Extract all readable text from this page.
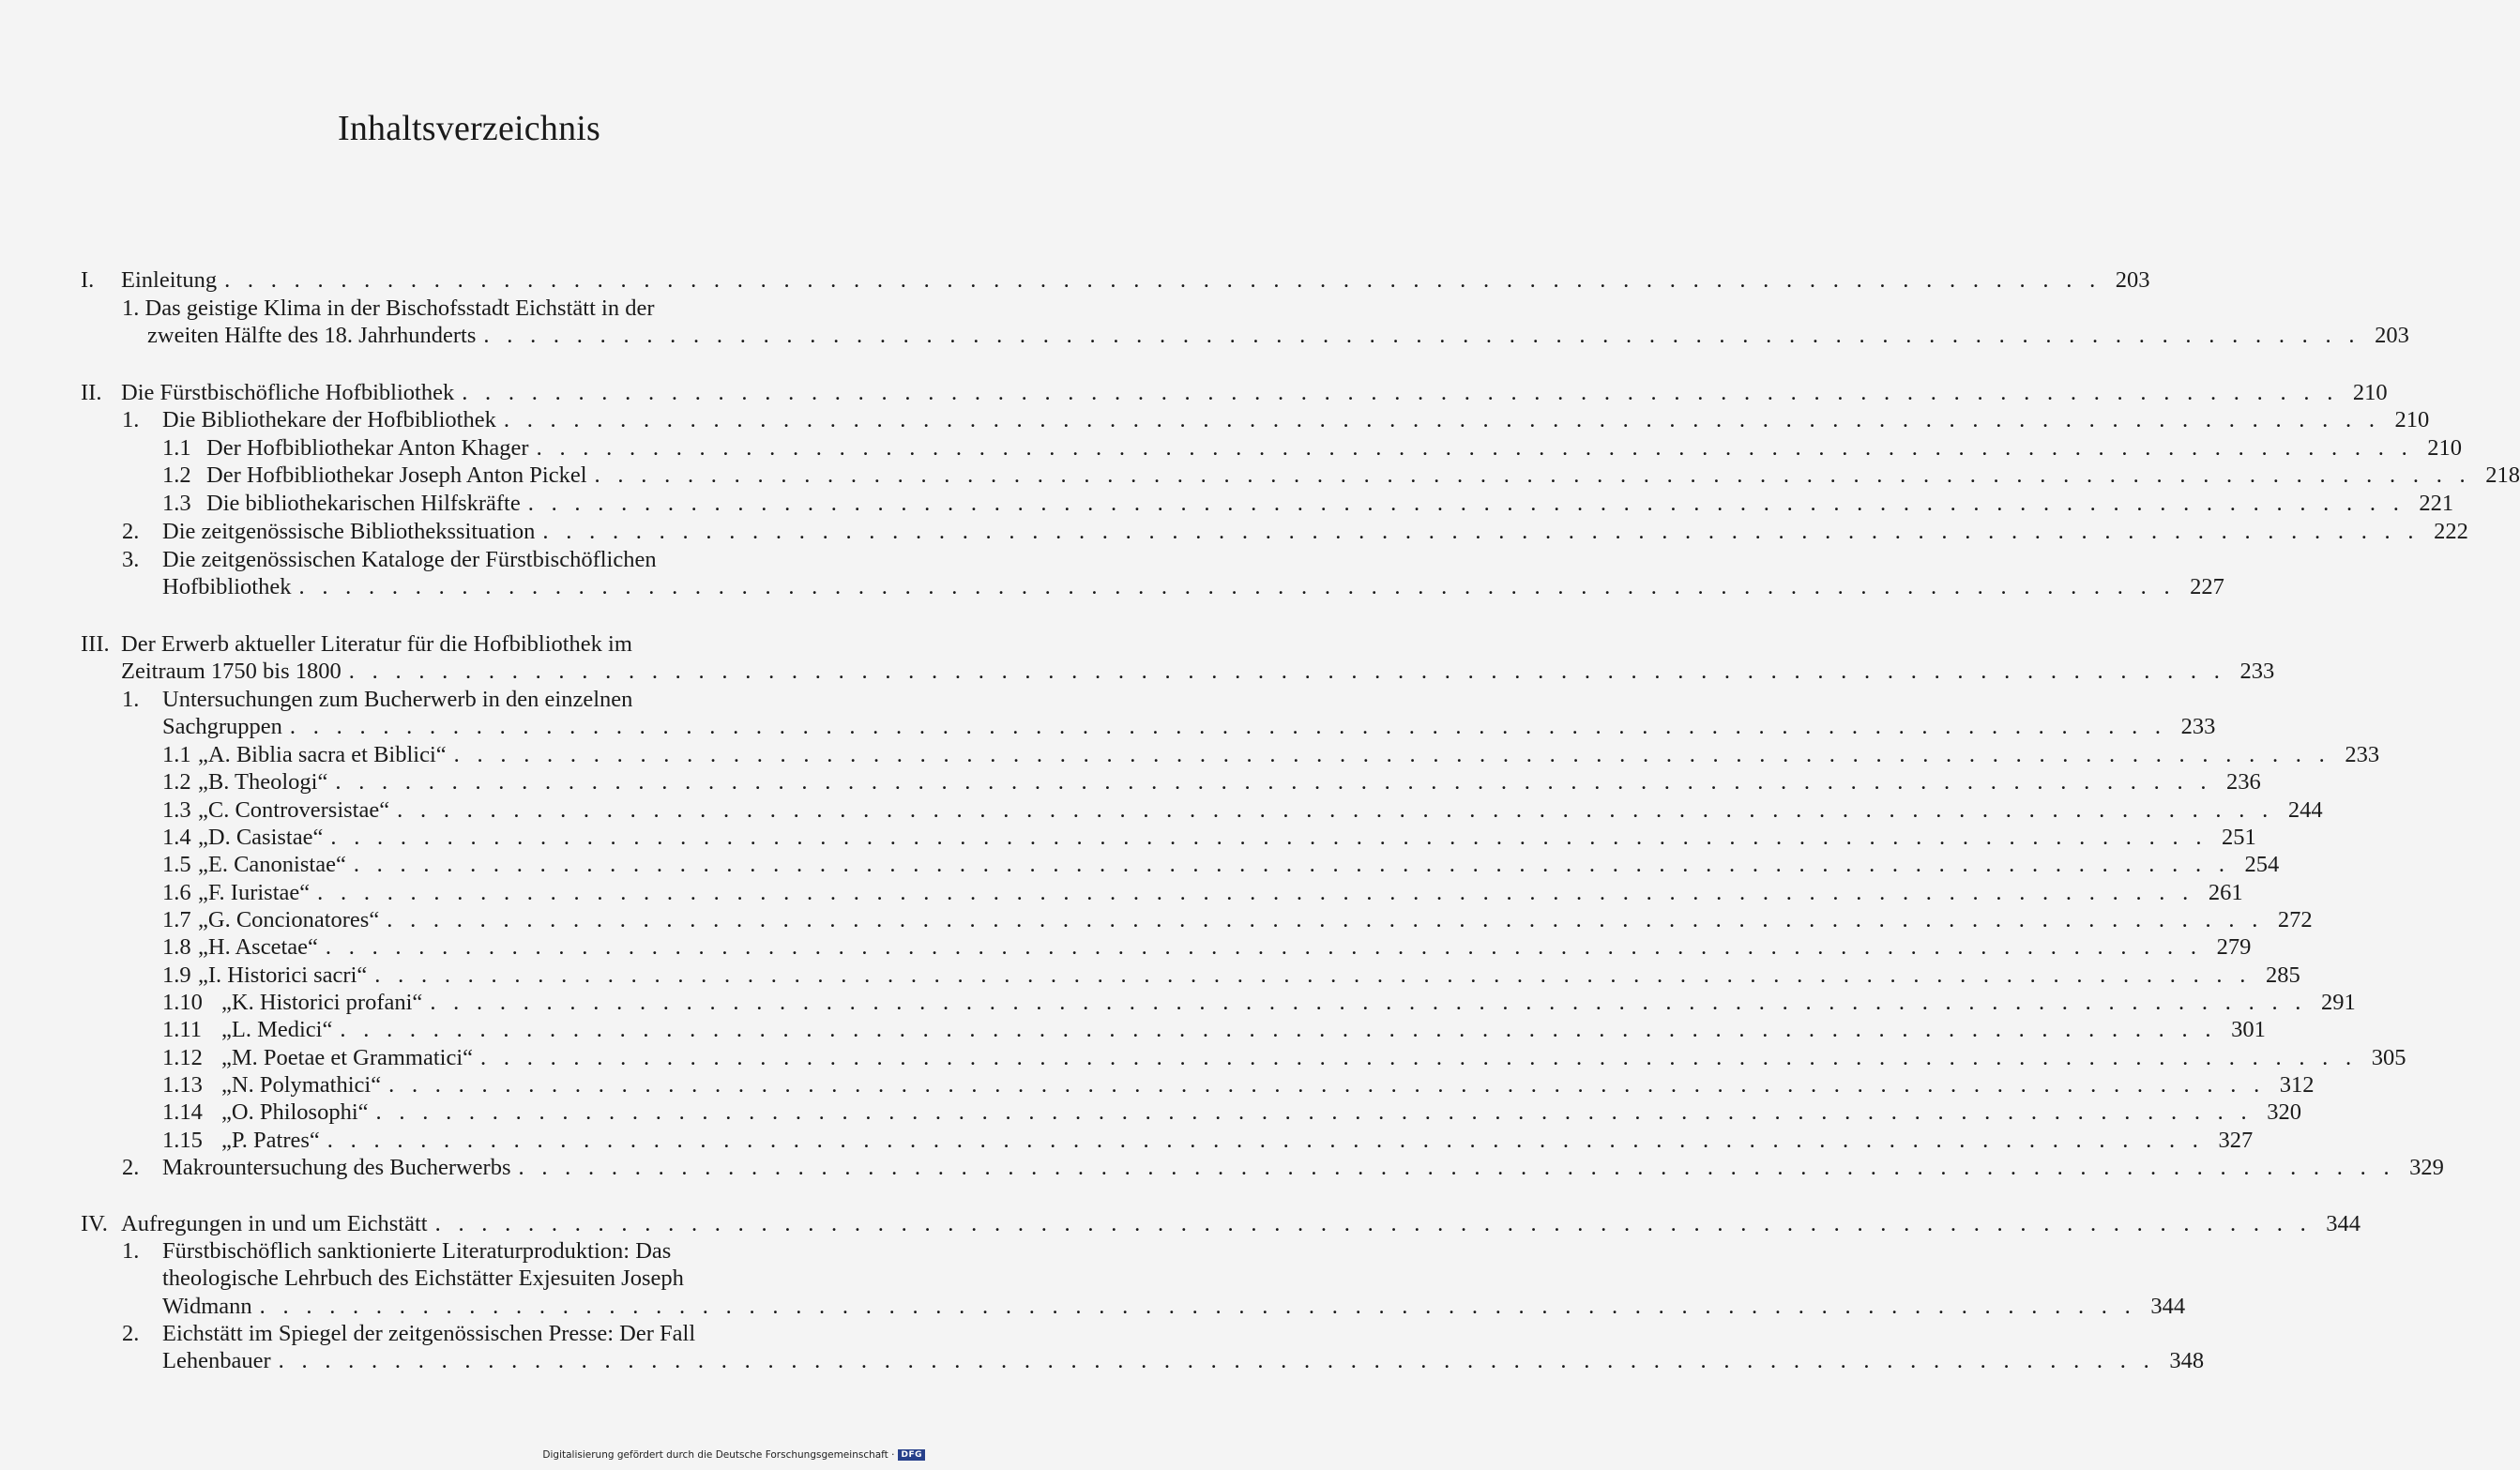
Inhaltsverzeichnis
I. Einleitung . . . . . . . . . . . . . . . . . . . . . . . . . . . . . . . . . . . . . . . . . . . . . . . . . . . . . . . . . . . . . . . . . . . . . . . . . . . . . . . . . 203
1. Das geistige Klima in der Bischofsstadt Eichstätt in der
zweiten Hälfte des 18. Jahrhunderts . . . . . . . . . . . . . . . . . . . . . . . . . . . . . . . . . . . . . . . . . . . . . . . . . . . . . . . . . . . . . . . . . . . . . . . . . . . . . . . . . 203
II. Die Fürstbischöfliche Hofbibliothek . . . . . . . . . . . . . . . . . . . . . . . . . . . . . . . . . . . . . . . . . . . . . . . . . . . . . . . . . . . . . . . . . . . . . . . . . . . . . . . . . 210
1. Die Bibliothekare der Hofbibliothek . . . . . . . . . . . . . . . . . . . . . . . . . . . . . . . . . . . . . . . . . . . . . . . . . . . . . . . . . . . . . . . . . . . . . . . . . . . . . . . . . 210
1.1 Der Hofbibliothekar Anton Khager . . . . . . . . . . . . . . . . . . . . . . . . . . . . . . . . . . . . . . . . . . . . . . . . . . . . . . . . . . . . . . . . . . . . . . . . . . . . . . . . . 210
1.2 Der Hofbibliothekar Joseph Anton Pickel . . . . . . . . . . . . . . . . . . . . . . . . . . . . . . . . . . . . . . . . . . . . . . . . . . . . . . . . . . . . . . . . . . . . . . . . . . . . . . . . . 218
1.3 Die bibliothekarischen Hilfskräfte . . . . . . . . . . . . . . . . . . . . . . . . . . . . . . . . . . . . . . . . . . . . . . . . . . . . . . . . . . . . . . . . . . . . . . . . . . . . . . . . . 221
2. Die zeitgenössische Bibliothekssituation . . . . . . . . . . . . . . . . . . . . . . . . . . . . . . . . . . . . . . . . . . . . . . . . . . . . . . . . . . . . . . . . . . . . . . . . . . . . . . . . . 222
3. Die zeitgenössischen Kataloge der Fürstbischöflichen
Hofbibliothek . . . . . . . . . . . . . . . . . . . . . . . . . . . . . . . . . . . . . . . . . . . . . . . . . . . . . . . . . . . . . . . . . . . . . . . . . . . . . . . . . 227
III. Der Erwerb aktueller Literatur für die Hofbibliothek im
Zeitraum 1750 bis 1800 . . . . . . . . . . . . . . . . . . . . . . . . . . . . . . . . . . . . . . . . . . . . . . . . . . . . . . . . . . . . . . . . . . . . . . . . . . . . . . . . . 233
1. Untersuchungen zum Bucherwerb in den einzelnen
Sachgruppen . . . . . . . . . . . . . . . . . . . . . . . . . . . . . . . . . . . . . . . . . . . . . . . . . . . . . . . . . . . . . . . . . . . . . . . . . . . . . . . . . 233
1.1 „A. Biblia sacra et Biblici“ . . . . . . . . . . . . . . . . . . . . . . . . . . . . . . . . . . . . . . . . . . . . . . . . . . . . . . . . . . . . . . . . . . . . . . . . . . . . . . . . . 233
1.2 „B. Theologi“ . . . . . . . . . . . . . . . . . . . . . . . . . . . . . . . . . . . . . . . . . . . . . . . . . . . . . . . . . . . . . . . . . . . . . . . . . . . . . . . . . 236
1.3 „C. Controversistae“ . . . . . . . . . . . . . . . . . . . . . . . . . . . . . . . . . . . . . . . . . . . . . . . . . . . . . . . . . . . . . . . . . . . . . . . . . . . . . . . . . 244
1.4 „D. Casistae“ . . . . . . . . . . . . . . . . . . . . . . . . . . . . . . . . . . . . . . . . . . . . . . . . . . . . . . . . . . . . . . . . . . . . . . . . . . . . . . . . . 251
1.5 „E. Canonistae“ . . . . . . . . . . . . . . . . . . . . . . . . . . . . . . . . . . . . . . . . . . . . . . . . . . . . . . . . . . . . . . . . . . . . . . . . . . . . . . . . . 254
1.6 „F. Iuristae“ . . . . . . . . . . . . . . . . . . . . . . . . . . . . . . . . . . . . . . . . . . . . . . . . . . . . . . . . . . . . . . . . . . . . . . . . . . . . . . . . . 261
1.7 „G. Concionatores“ . . . . . . . . . . . . . . . . . . . . . . . . . . . . . . . . . . . . . . . . . . . . . . . . . . . . . . . . . . . . . . . . . . . . . . . . . . . . . . . . . 272
1.8 „H. Ascetae“ . . . . . . . . . . . . . . . . . . . . . . . . . . . . . . . . . . . . . . . . . . . . . . . . . . . . . . . . . . . . . . . . . . . . . . . . . . . . . . . . . 279
1.9 „I. Historici sacri“ . . . . . . . . . . . . . . . . . . . . . . . . . . . . . . . . . . . . . . . . . . . . . . . . . . . . . . . . . . . . . . . . . . . . . . . . . . . . . . . . . 285
1.10 „K. Historici profani“ . . . . . . . . . . . . . . . . . . . . . . . . . . . . . . . . . . . . . . . . . . . . . . . . . . . . . . . . . . . . . . . . . . . . . . . . . . . . . . . . . 291
1.11 „L. Medici“ . . . . . . . . . . . . . . . . . . . . . . . . . . . . . . . . . . . . . . . . . . . . . . . . . . . . . . . . . . . . . . . . . . . . . . . . . . . . . . . . . 301
1.12 „M. Poetae et Grammatici“ . . . . . . . . . . . . . . . . . . . . . . . . . . . . . . . . . . . . . . . . . . . . . . . . . . . . . . . . . . . . . . . . . . . . . . . . . . . . . . . . . 305
1.13 „N. Polymathici“ . . . . . . . . . . . . . . . . . . . . . . . . . . . . . . . . . . . . . . . . . . . . . . . . . . . . . . . . . . . . . . . . . . . . . . . . . . . . . . . . . 312
1.14 „O. Philosophi“ . . . . . . . . . . . . . . . . . . . . . . . . . . . . . . . . . . . . . . . . . . . . . . . . . . . . . . . . . . . . . . . . . . . . . . . . . . . . . . . . . 320
1.15 „P. Patres“ . . . . . . . . . . . . . . . . . . . . . . . . . . . . . . . . . . . . . . . . . . . . . . . . . . . . . . . . . . . . . . . . . . . . . . . . . . . . . . . . . 327
2. Makrountersuchung des Bucherwerbs . . . . . . . . . . . . . . . . . . . . . . . . . . . . . . . . . . . . . . . . . . . . . . . . . . . . . . . . . . . . . . . . . . . . . . . . . . . . . . . . . 329
IV. Aufregungen in und um Eichstätt . . . . . . . . . . . . . . . . . . . . . . . . . . . . . . . . . . . . . . . . . . . . . . . . . . . . . . . . . . . . . . . . . . . . . . . . . . . . . . . . . 344
1. Fürstbischöflich sanktionierte Literaturproduktion: Das
theologische Lehrbuch des Eichstätter Exjesuiten Joseph
Widmann . . . . . . . . . . . . . . . . . . . . . . . . . . . . . . . . . . . . . . . . . . . . . . . . . . . . . . . . . . . . . . . . . . . . . . . . . . . . . . . . . 344
2. Eichstätt im Spiegel der zeitgenössischen Presse: Der Fall
Lehenbauer . . . . . . . . . . . . . . . . . . . . . . . . . . . . . . . . . . . . . . . . . . . . . . . . . . . . . . . . . . . . . . . . . . . . . . . . . . . . . . . . . 348
Digitalisierung gefördert durch die Deutsche Forschungsgemeinschaft · DFG
